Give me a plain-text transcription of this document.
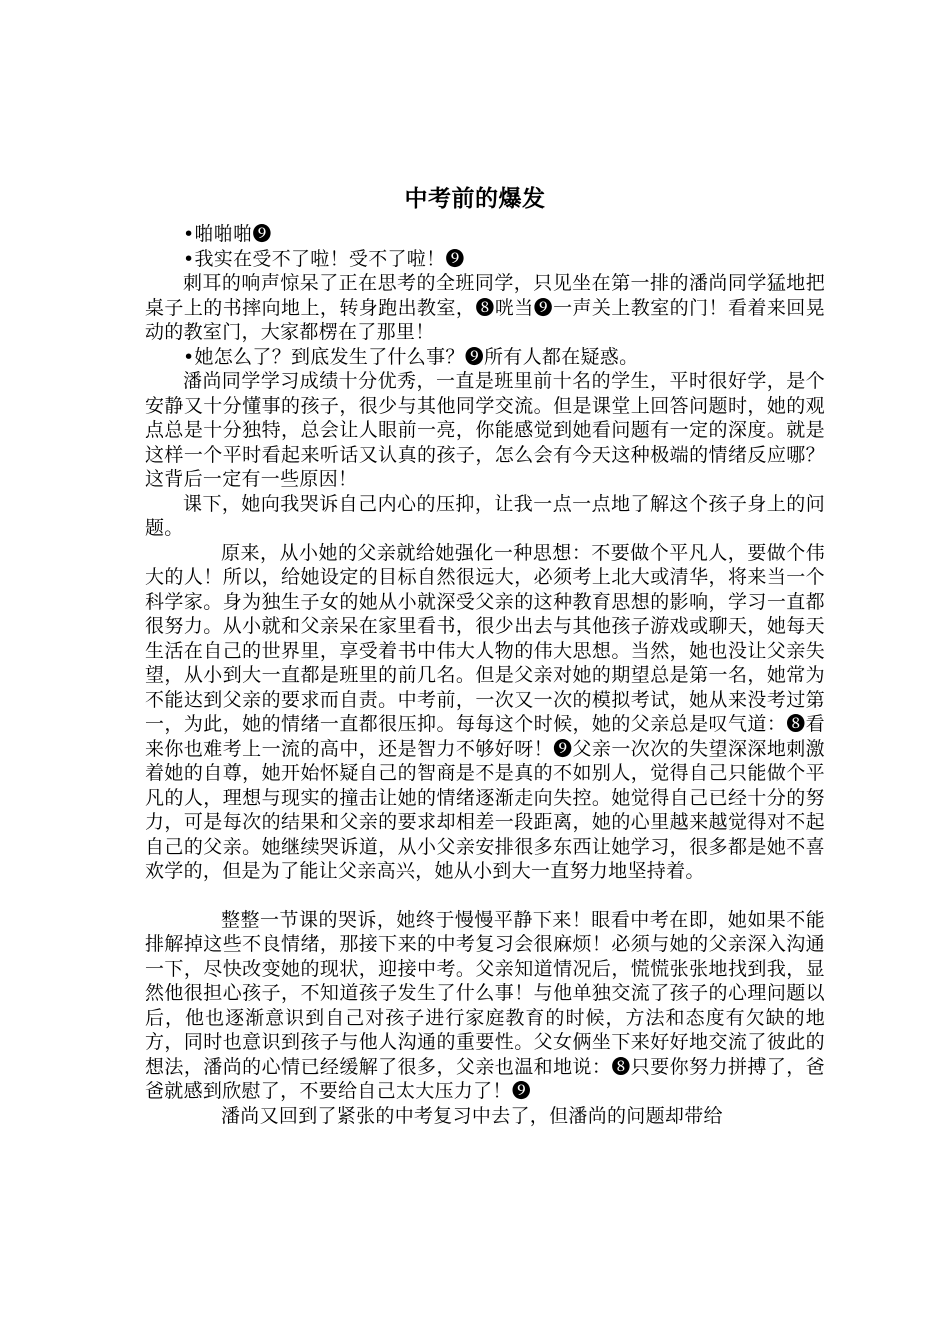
中考前的爆发

•啪啪啪❾

•我实在受不了啦！受不了啦！❾

刺耳的响声惊呆了正在思考的全班同学，只见坐在第一排的潘尚同学猛地把桌子上的书摔向地上，转身跑出教室，❽咣当❾一声关上教室的门！看着来回晃动的教室门，大家都楞在了那里！

•她怎么了？到底发生了什么事？❾所有人都在疑惑。

潘尚同学学习成绩十分优秀，一直是班里前十名的学生，平时很好学，是个安静又十分懂事的孩子，很少与其他同学交流。但是课堂上回答问题时，她的观点总是十分独特，总会让人眼前一亮，你能感觉到她看问题有一定的深度。就是这样一个平时看起来听话又认真的孩子，怎么会有今天这种极端的情绪反应哪？这背后一定有一些原因！

课下，她向我哭诉自己内心的压抑，让我一点一点地了解这个孩子身上的问题。

原来，从小她的父亲就给她强化一种思想：不要做个平凡人，要做个伟大的人！所以，给她设定的目标自然很远大，必须考上北大或清华，将来当一个科学家。身为独生子女的她从小就深受父亲的这种教育思想的影响，学习一直都很努力。从小就和父亲呆在家里看书，很少出去与其他孩子游戏或聊天，她每天生活在自己的世界里，享受着书中伟大人物的伟大思想。当然，她也没让父亲失望，从小到大一直都是班里的前几名。但是父亲对她的期望总是第一名，她常为不能达到父亲的要求而自责。中考前，一次又一次的模拟考试，她从来没考过第一，为此，她的情绪一直都很压抑。每每这个时候，她的父亲总是叹气道：❽看来你也难考上一流的高中，还是智力不够好呀！❾父亲一次次的失望深深地刺激着她的自尊，她开始怀疑自己的智商是不是真的不如别人，觉得自己只能做个平凡的人，理想与现实的撞击让她的情绪逐渐走向失控。她觉得自己已经十分的努力，可是每次的结果和父亲的要求却相差一段距离，她的心里越来越觉得对不起自己的父亲。她继续哭诉道，从小父亲安排很多东西让她学习，很多都是她不喜欢学的，但是为了能让父亲高兴，她从小到大一直努力地坚持着。

整整一节课的哭诉，她终于慢慢平静下来！眼看中考在即，她如果不能排解掉这些不良情绪，那接下来的中考复习会很麻烦！必须与她的父亲深入沟通一下，尽快改变她的现状，迎接中考。父亲知道情况后，慌慌张张地找到我，显然他很担心孩子，不知道孩子发生了什么事！与他单独交流了孩子的心理问题以后，他也逐渐意识到自己对孩子进行家庭教育的时候，方法和态度有欠缺的地方，同时也意识到孩子与他人沟通的重要性。父女俩坐下来好好地交流了彼此的想法，潘尚的心情已经缓解了很多，父亲也温和地说：❽只要你努力拼搏了，爸爸就感到欣慰了，不要给自己太大压力了！❾

潘尚又回到了紧张的中考复习中去了，但潘尚的问题却带给
